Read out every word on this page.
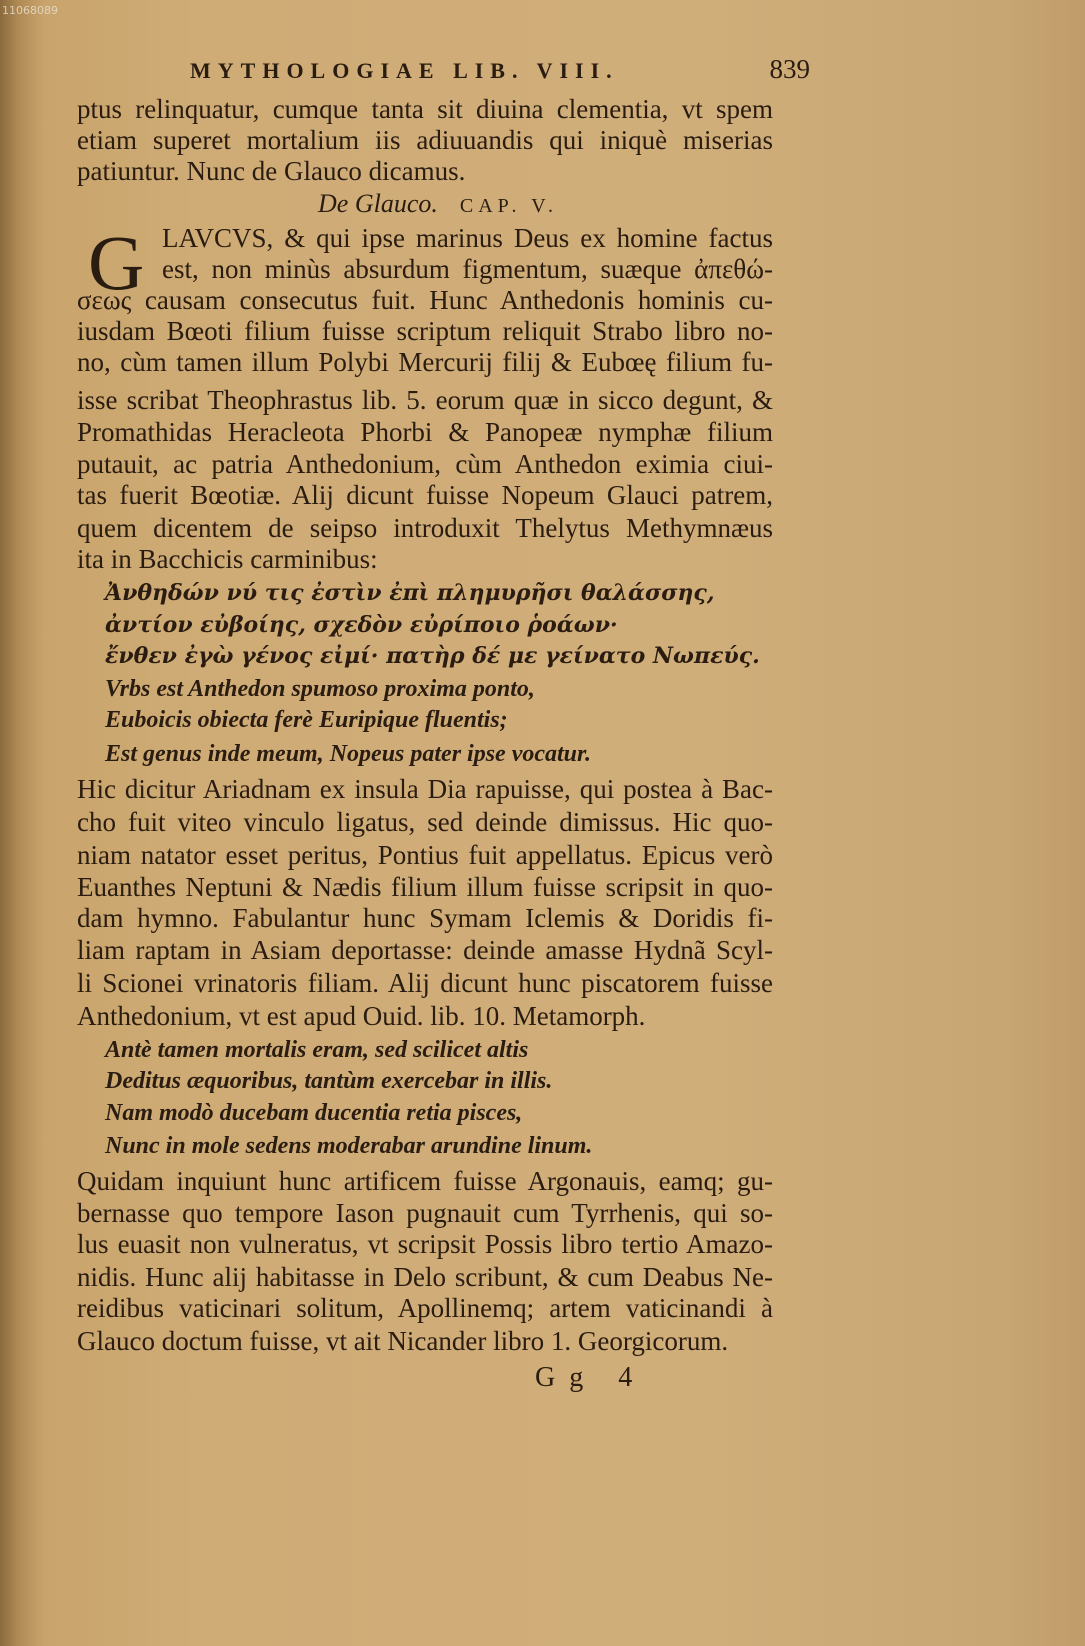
11068089
MYTHOLOGIAE LIB. VIII.	839
De Glauco. CAP. V.
G
ptus relinquatur, cumque tanta sit diuina clementia, vt spem
etiam superet mortalium iis adiuuandis qui iniquè miserias
patiuntur. Nunc de Glauco dicamus.
LAVCVS, & qui ipse marinus Deus ex homine factus
est, non minùs absurdum figmentum, suæque ἀπεθώ-
σεως causam consecutus fuit. Hunc Anthedonis hominis cu-
iusdam Bœoti filium fuisse scriptum reliquit Strabo libro no-
no, cùm tamen illum Polybi Mercurij filij & Eubœę filium fu-
isse scribat Theophrastus lib. 5. eorum quæ in sicco degunt, &
Promathidas Heracleota Phorbi & Panopeæ nymphæ filium
putauit, ac patria Anthedonium, cùm Anthedon eximia ciui-
tas fuerit Bœotiæ. Alij dicunt fuisse Nopeum Glauci patrem,
quem dicentem de seipso introduxit Thelytus Methymnæus
ita in Bacchicis carminibus:
Ἀνθηδών νύ τις ἐστὶν ἐπὶ πλημυρῆσι θαλάσσης,
ἀντίον εὐβοίης, σχεδὸν εὐρίποιο ῥοάων·
ἔνθεν ἐγὼ γένος εἰμί· πατὴρ δέ με γείνατο Νωπεύς.
Vrbs est Anthedon spumoso proxima ponto,
Euboicis obiecta ferè Euripique fluentis;
Est genus inde meum, Nopeus pater ipse vocatur.
Hic dicitur Ariadnam ex insula Dia rapuisse, qui postea à Bac-
cho fuit viteo vinculo ligatus, sed deinde dimissus. Hic quo-
niam natator esset peritus, Pontius fuit appellatus. Epicus verò
Euanthes Neptuni & Nædis filium illum fuisse scripsit in quo-
dam hymno. Fabulantur hunc Symam Iclemis & Doridis fi-
liam raptam in Asiam deportasse: deinde amasse Hydnã Scyl-
li Scionei vrinatoris filiam. Alij dicunt hunc piscatorem fuisse
Anthedonium, vt est apud Ouid. lib. 10. Metamorph.
Antè tamen mortalis eram, sed scilicet altis
Deditus æquoribus, tantùm exercebar in illis.
Nam modò ducebam ducentia retia pisces,
Nunc in mole sedens moderabar arundine linum.
Quidam inquiunt hunc artificem fuisse Argonauis, eamq; gu-
bernasse quo tempore Iason pugnauit cum Tyrrhenis, qui so-
lus euasit non vulneratus, vt scripsit Possis libro tertio Amazo-
nidis. Hunc alij habitasse in Delo scribunt, & cum Deabus Ne-
reidibus vaticinari solitum, Apollinemq; artem vaticinandi à
Glauco doctum fuisse, vt ait Nicander libro 1. Georgicorum.
Gg 4
